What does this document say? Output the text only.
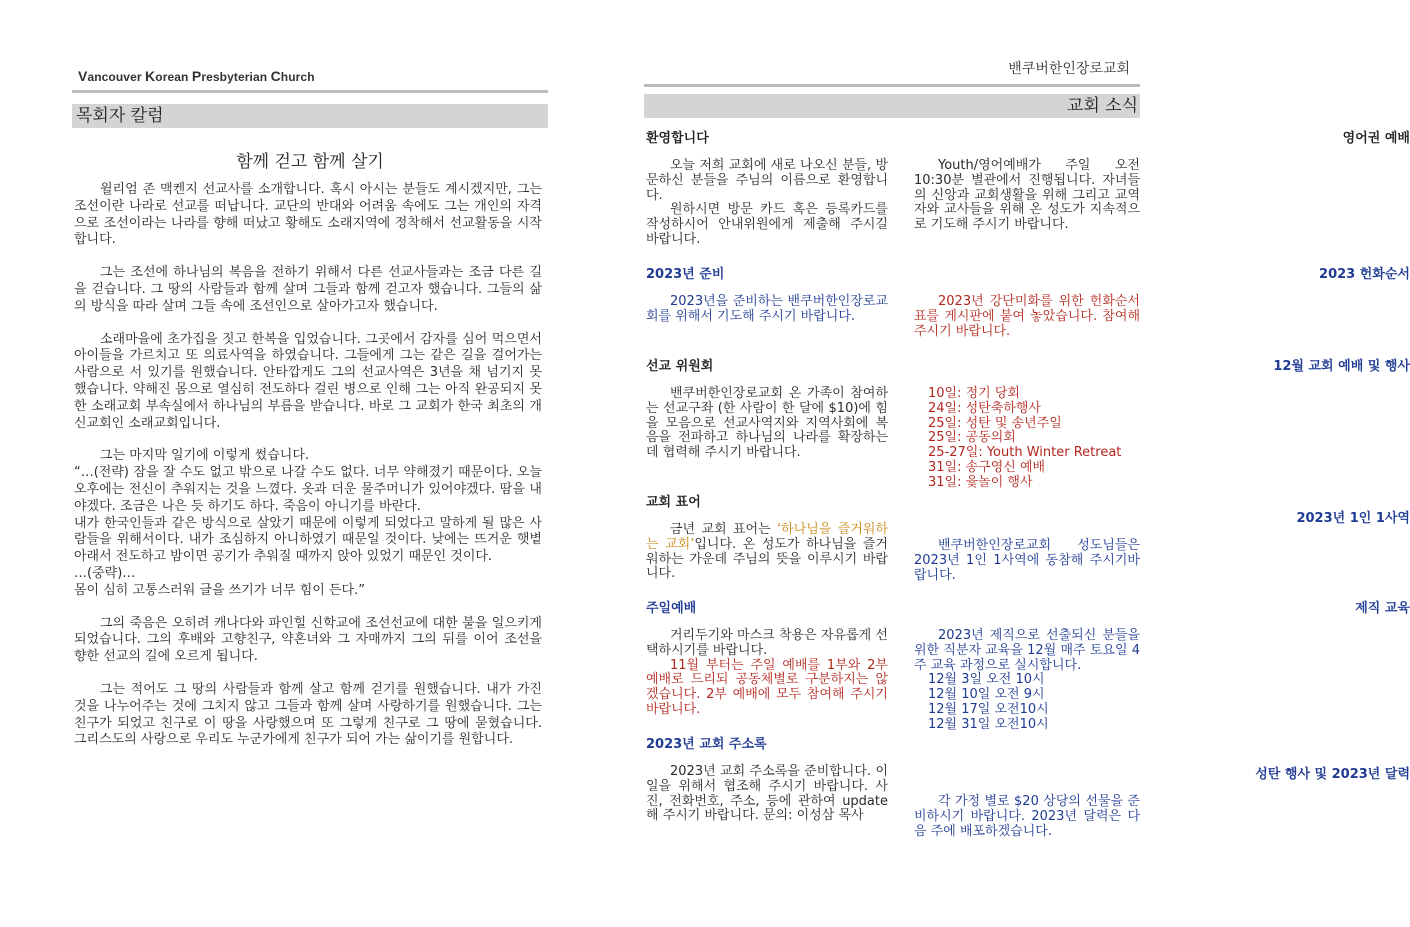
Vancouver Korean Presbyterian Church
목회자 칼럼
함께 걷고 함께 살기

윌리엄 존 맥켄지 선교사를 소개합니다. 혹시 아시는 분들도 계시겠지만, 그는 조선이란 나라로 선교를 떠납니다. 교단의 반대와 어려움 속에도 그는 개인의 자격으로 조선이라는 나라를 향해 떠났고 황해도 소래지역에 정착해서 선교활동을 시작합니다.

그는 조선에 하나님의 복음을 전하기 위해서 다른 선교사들과는 조금 다른 길을 걷습니다. 그 땅의 사람들과 함께 살며 그들과 함께 걷고자 했습니다. 그들의 삶의 방식을 따라 살며 그들 속에 조선인으로 살아가고자 했습니다.

소래마을에 초가집을 짓고 한복을 입었습니다. 그곳에서 감자를 심어 먹으면서 아이들을 가르치고 또 의료사역을 하였습니다. 그들에게 그는 같은 길을 걸어가는 사람으로 서 있기를 원했습니다. 안타깝게도 그의 선교사역은 3년을 채 넘기지 못했습니다. 약해진 몸으로 열심히 전도하다 걸린 병으로 인해 그는 아직 완공되지 못한 소래교회 부속실에서 하나님의 부름을 받습니다. 바로 그 교회가 한국 최초의 개신교회인 소래교회입니다.

그는 마지막 일기에 이렇게 썼습니다.

“…(전략) 잠을 잘 수도 없고 밖으로 나갈 수도 없다. 너무 약해졌기 때문이다. 오늘 오후에는 전신이 추워지는 것을 느꼈다. 옷과 더운 물주머니가 있어야겠다. 땀을 내야겠다. 조금은 나은 듯 하기도 하다. 죽음이 아니기를 바란다.

내가 한국인들과 같은 방식으로 살았기 때문에 이렇게 되었다고 말하게 될 많은 사람들을 위해서이다. 내가 조심하지 아니하였기 때문일 것이다. 낮에는 뜨거운 햇볕 아래서 전도하고 밤이면 공기가 추워질 때까지 앉아 있었기 때문인 것이다.

…(중략)…

몸이 심히 고통스러워 글을 쓰기가 너무 힘이 든다.”

그의 죽음은 오히려 캐나다와 파인힐 신학교에 조선선교에 대한 불을 일으키게 되었습니다. 그의 후배와 고향친구, 약혼녀와 그 자매까지 그의 뒤를 이어 조선을 향한 선교의 길에 오르게 됩니다.

그는 적어도 그 땅의 사람들과 함께 살고 함께 걷기를 원했습니다. 내가 가진 것을 나누어주는 것에 그치지 않고 그들과 함께 살며 사랑하기를 원했습니다. 그는 친구가 되었고 친구로 이 땅을 사랑했으며 또 그렇게 친구로 그 땅에 묻혔습니다. 그리스도의 사랑으로 우리도 누군가에게 친구가 되어 가는 삶이기를 원합니다.

밴쿠버한인장로교회
교회 소식
환영합니다

오늘 저희 교회에 새로 나오신 분들, 방문하신 분들을 주님의 이름으로 환영합니다.

원하시면 방문 카드 혹은 등록카드를 작성하시어 안내위원에게 제출해 주시길 바랍니다.

2023년 준비

2023년을 준비하는 밴쿠버한인장로교회를 위해서 기도해 주시기 바랍니다.

선교 위원회

밴쿠버한인장로교회 온 가족이 참여하는 선교구좌 (한 사람이 한 달에 $10)에 힘을 모음으로 선교사역지와 지역사회에 복음을 전파하고 하나님의 나라를 확장하는데 협력해 주시기 바랍니다.

교회 표어

금년 교회 표어는 ‘하나님을 즐거워하는 교회’입니다. 온 성도가 하나님을 즐거워하는 가운데 주님의 뜻을 이루시기 바랍니다.

주일예배

거리두기와 마스크 착용은 자유롭게 선택하시기를 바랍니다.

11월 부터는 주일 예배를 1부와 2부 예배로 드리되 공동체별로 구분하지는 않겠습니다. 2부 예배에 모두 참여해 주시기 바랍니다.

2023년 교회 주소록

2023년 교회 주소록을 준비합니다. 이 일을 위해서 협조해 주시기 바랍니다. 사진, 전화번호, 주소, 등에 관하여 update 해 주시기 바랍니다. 문의: 이성삼 목사

영어권 예배

Youth/영어예배가 주일 오전 10:30분 별관에서 진행됩니다. 자녀들의 신앙과 교회생활을 위해 그리고 교역자와 교사들을 위해 온 성도가 지속적으로 기도해 주시기 바랍니다.

2023 헌화순서

2023년 강단미화를 위한 헌화순서표를 게시판에 붙여 놓았습니다. 참여해 주시기 바랍니다.

12월 교회 예배 및 행사
10일: 정기 당회
24일: 성탄축하행사
25일: 성탄 및 송년주일
25일: 공동의회
25-27일: Youth Winter Retreat
31일: 송구영신 예배
31일: 윷놀이 행사
2023년 1인 1사역

밴쿠버한인장로교회 성도님들은 2023년 1인 1사역에 동참해 주시기바랍니다.

제직 교육

2023년 제직으로 선출되신 분들을 위한 직분자 교육을 12월 매주 토요일 4주 교육 과정으로 실시합니다.

12월 3일 오전 10시
12월 10일 오전 9시
12월 17일 오전10시
12월 31일 오전10시
성탄 행사 및 2023년 달력

각 가정 별로 $20 상당의 선물을 준비하시기 바랍니다. 2023년 달력은 다음 주에 배포하겠습니다.
